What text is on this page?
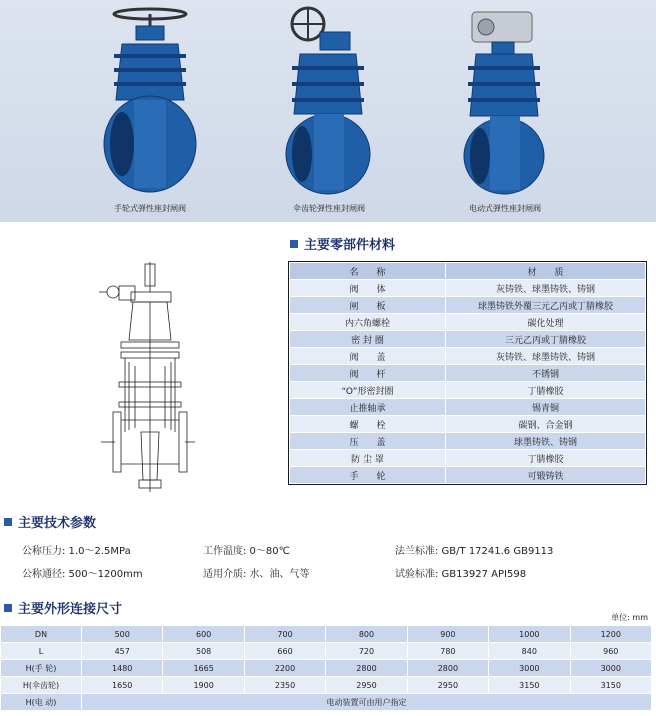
手轮式弹性座封闸阀	伞齿轮弹性座封闸阀	电动式弹性座封闸阀
主要零部件材料
名　　称	材　　质
阀　　体	灰铸铁、球墨铸铁、铸钢
闸　　板	球墨铸铁外覆三元乙丙或丁腈橡胶
内六角螺栓	碳化处理
密 封 圈	三元乙丙或丁腈橡胶
阀　　盖	灰铸铁、球墨铸铁、铸钢
阀　　杆	不锈钢
“O”形密封圈	丁腈橡胶
止推轴承	锡青铜
螺　　栓	碳钢、合金钢
压　　盖	球墨铸铁、铸钢
防 尘 罩	丁腈橡胶
手　　轮	可锻铸铁
主要技术参数
公称压力: 1.0～2.5MPa	工作温度: 0～80℃	法兰标准: GB/T 17241.6 GB9113
公称通径: 500～1200mm	适用介质: 水、油、气等	试验标准: GB13927 API598
主要外形连接尺寸
单位: mm
DN	500	600	700	800	900	1000	1200
L	457	508	660	720	780	840	960
H(手 轮)	1480	1665	2200	2800	2800	3000	3000
H(伞齿轮)	1650	1900	2350	2950	2950	3150	3150
H(电 动)	电动装置可由用户指定						
